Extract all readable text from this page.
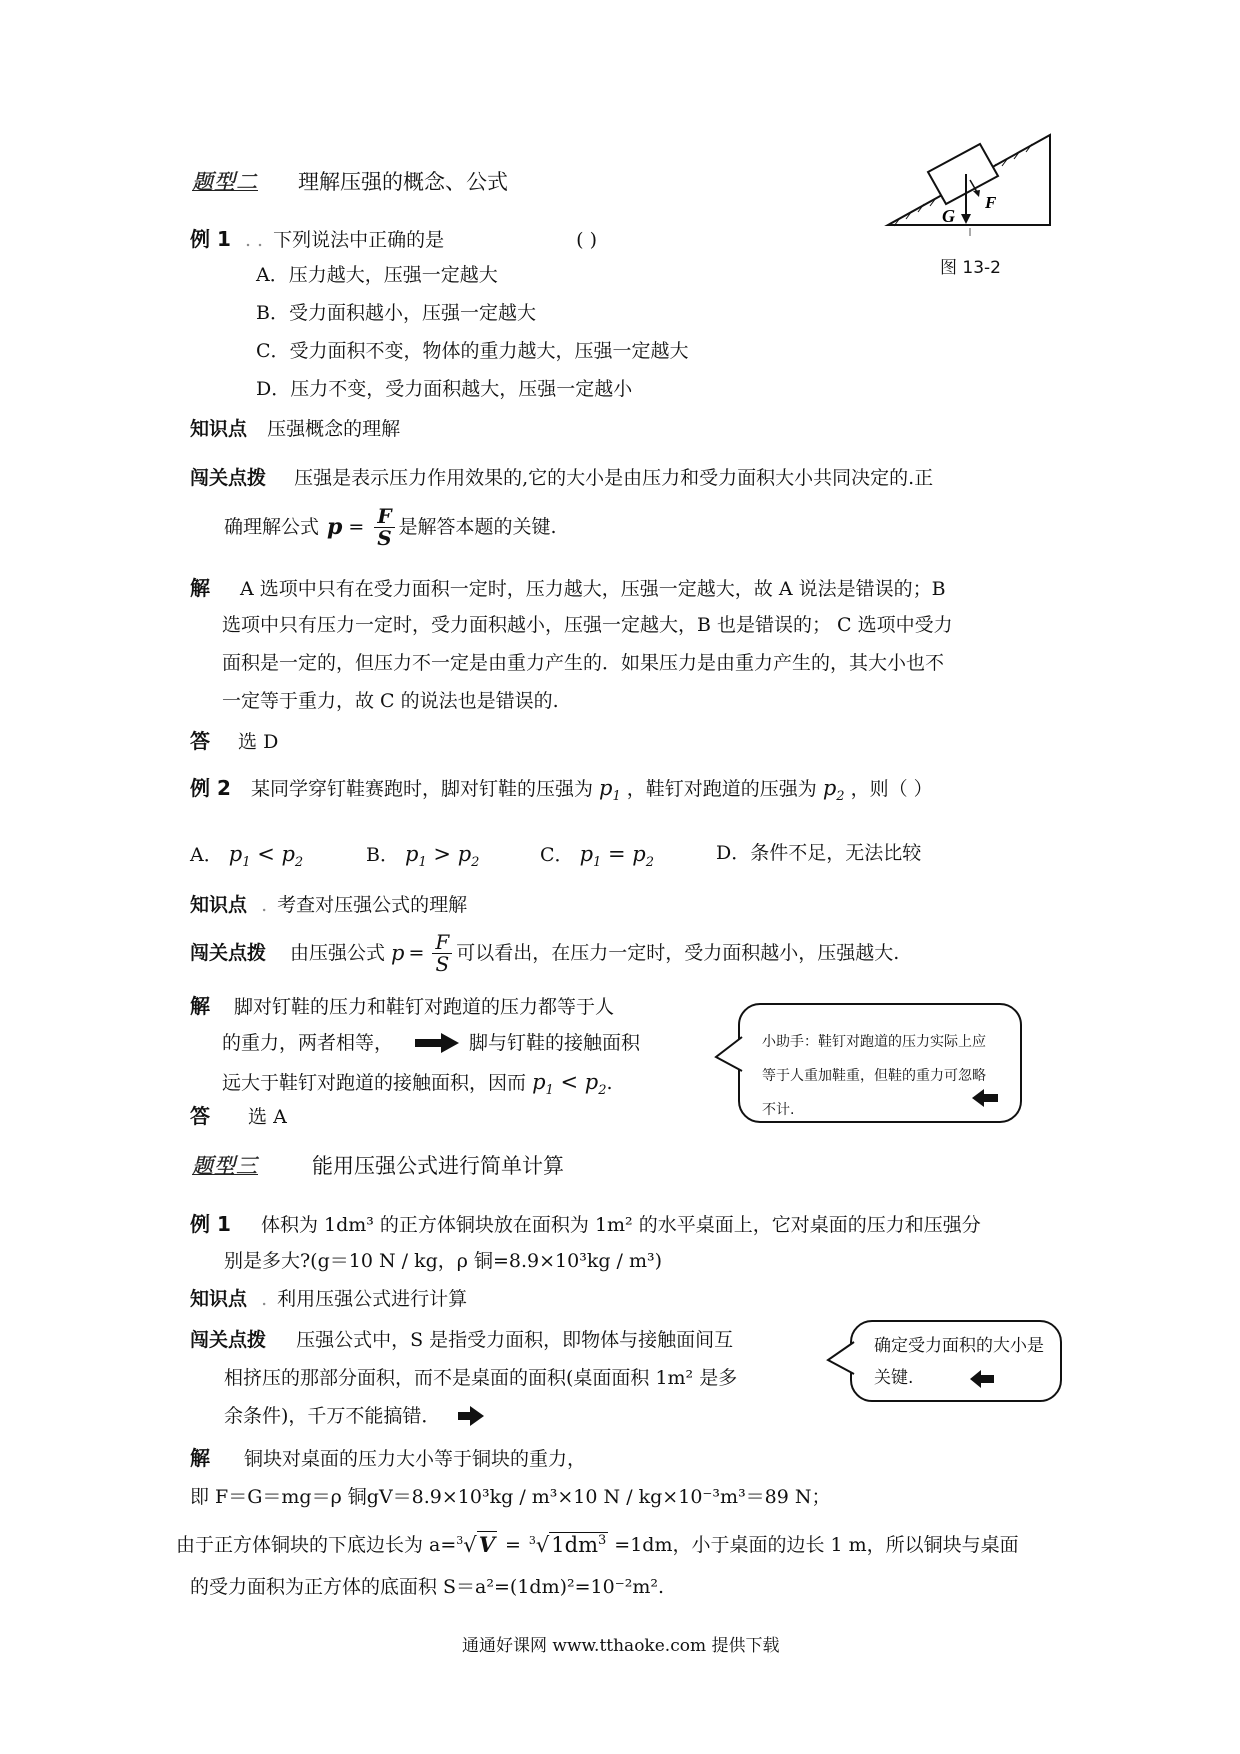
G
F
图 13-2
题型二 理解压强的概念、公式
例 1 . . 下列说法中正确的是	( )
A．压力越大，压强一定越大
B．受力面积越小，压强一定越大
C．受力面积不变，物体的重力越大，压强一定越大
D．压力不变，受力面积越大，压强一定越小
知识点 压强概念的理解
闯关点拨 压强是表示压力作用效果的,它的大小是由压力和受力面积大小共同决定的.正
确理解公式 $p = \frac{F}{S}$ 是解答本题的关键.
解 A 选项中只有在受力面积一定时，压力越大，压强一定越大，故 A 说法是错误的；B
选项中只有压力一定时，受力面积越小，压强一定越大，B 也是错误的； C 选项中受力
面积是一定的，但压力不一定是由重力产生的．如果压力是由重力产生的，其大小也不
一定等于重力，故 C 的说法也是错误的.
答 选 D
例 2 某同学穿钉鞋赛跑时，脚对钉鞋的压强为 $p_1$ ，鞋钉对跑道的压强为 $p_2$ ，则（ ）
A． $p_1 < p_2$	B． $p_1 > p_2$	C． $p_1 = p_2$	D．条件不足，无法比较
知识点 . 考查对压强公式的理解
闯关点拨 由压强公式 $p = \frac{F}{S}$ 可以看出，在压力一定时，受力面积越小，压强越大.
解 脚对钉鞋的压力和鞋钉对跑道的压力都等于人
的重力，两者相等，	脚与钉鞋的接触面积
远大于鞋钉对跑道的接触面积，因而 $p_1 < p_2$.
答 选 A
小助手：鞋钉对跑道的压力实际上应等于人重加鞋重，但鞋的重力可忽略不计.
题型三	能用压强公式进行简单计算
例 1 体积为 1dm³ 的正方体铜块放在面积为 1m² 的水平桌面上，它对桌面的压力和压强分
别是多大?(g＝10 N / kg，ρ 铜=8.9×10³kg / m³)
知识点 . 利用压强公式进行计算
闯关点拨 压强公式中，S 是指受力面积，即物体与接触面间互
相挤压的那部分面积，而不是桌面的面积(桌面面积 1m² 是多
余条件)，千万不能搞错．
确定受力面积的大小是关键.
解 铜块对桌面的压力大小等于铜块的重力，
即 F＝G＝mg＝ρ 铜gV＝8.9×10³kg / m³×10 N / kg×10⁻³m³＝89 N；
由于正方体铜块的下底边长为 $a= ^3√V = ^3√1dm^3 =1dm$，小于桌面的边长 1 m，所以铜块与桌面
的受力面积为正方体的底面积 S＝a²=(1dm)²=10⁻²m².
通通好课网 www.tthaoke.com 提供下载
